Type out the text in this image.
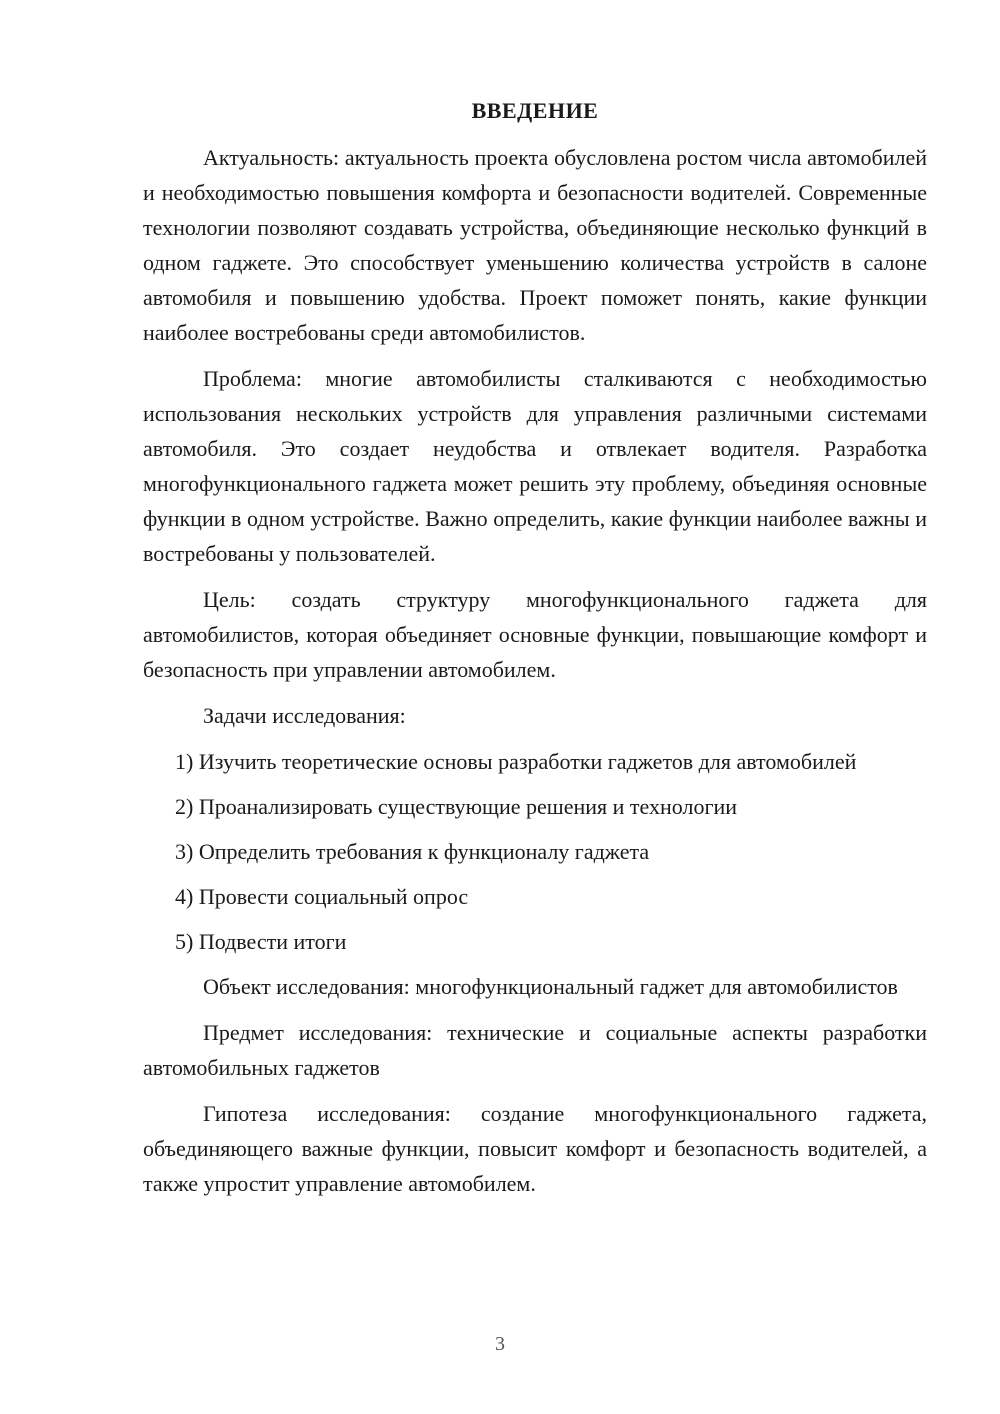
ВВЕДЕНИЕ

Актуальность: актуальность проекта обусловлена ростом числа автомобилей и необходимостью повышения комфорта и безопасности водителей. Современные технологии позволяют создавать устройства, объединяющие несколько функций в одном гаджете. Это способствует уменьшению количества устройств в салоне автомобиля и повышению удобства. Проект поможет понять, какие функции наиболее востребованы среди автомобилистов.

Проблема: многие автомобилисты сталкиваются с необходимостью использования нескольких устройств для управления различными системами автомобиля. Это создает неудобства и отвлекает водителя. Разработка многофункционального гаджета может решить эту проблему, объединяя основные функции в одном устройстве. Важно определить, какие функции наиболее важны и востребованы у пользователей.

Цель: создать структуру многофункционального гаджета для автомобилистов, которая объединяет основные функции, повышающие комфорт и безопасность при управлении автомобилем.

Задачи исследования:

1) Изучить теоретические основы разработки гаджетов для автомобилей

2) Проанализировать существующие решения и технологии

3) Определить требования к функционалу гаджета

4) Провести социальный опрос

5) Подвести итоги

Объект исследования: многофункциональный гаджет для автомобилистов

Предмет исследования: технические и социальные аспекты разработки автомобильных гаджетов

Гипотеза исследования: создание многофункционального гаджета, объединяющего важные функции, повысит комфорт и безопасность водителей, а также упростит управление автомобилем.

3
